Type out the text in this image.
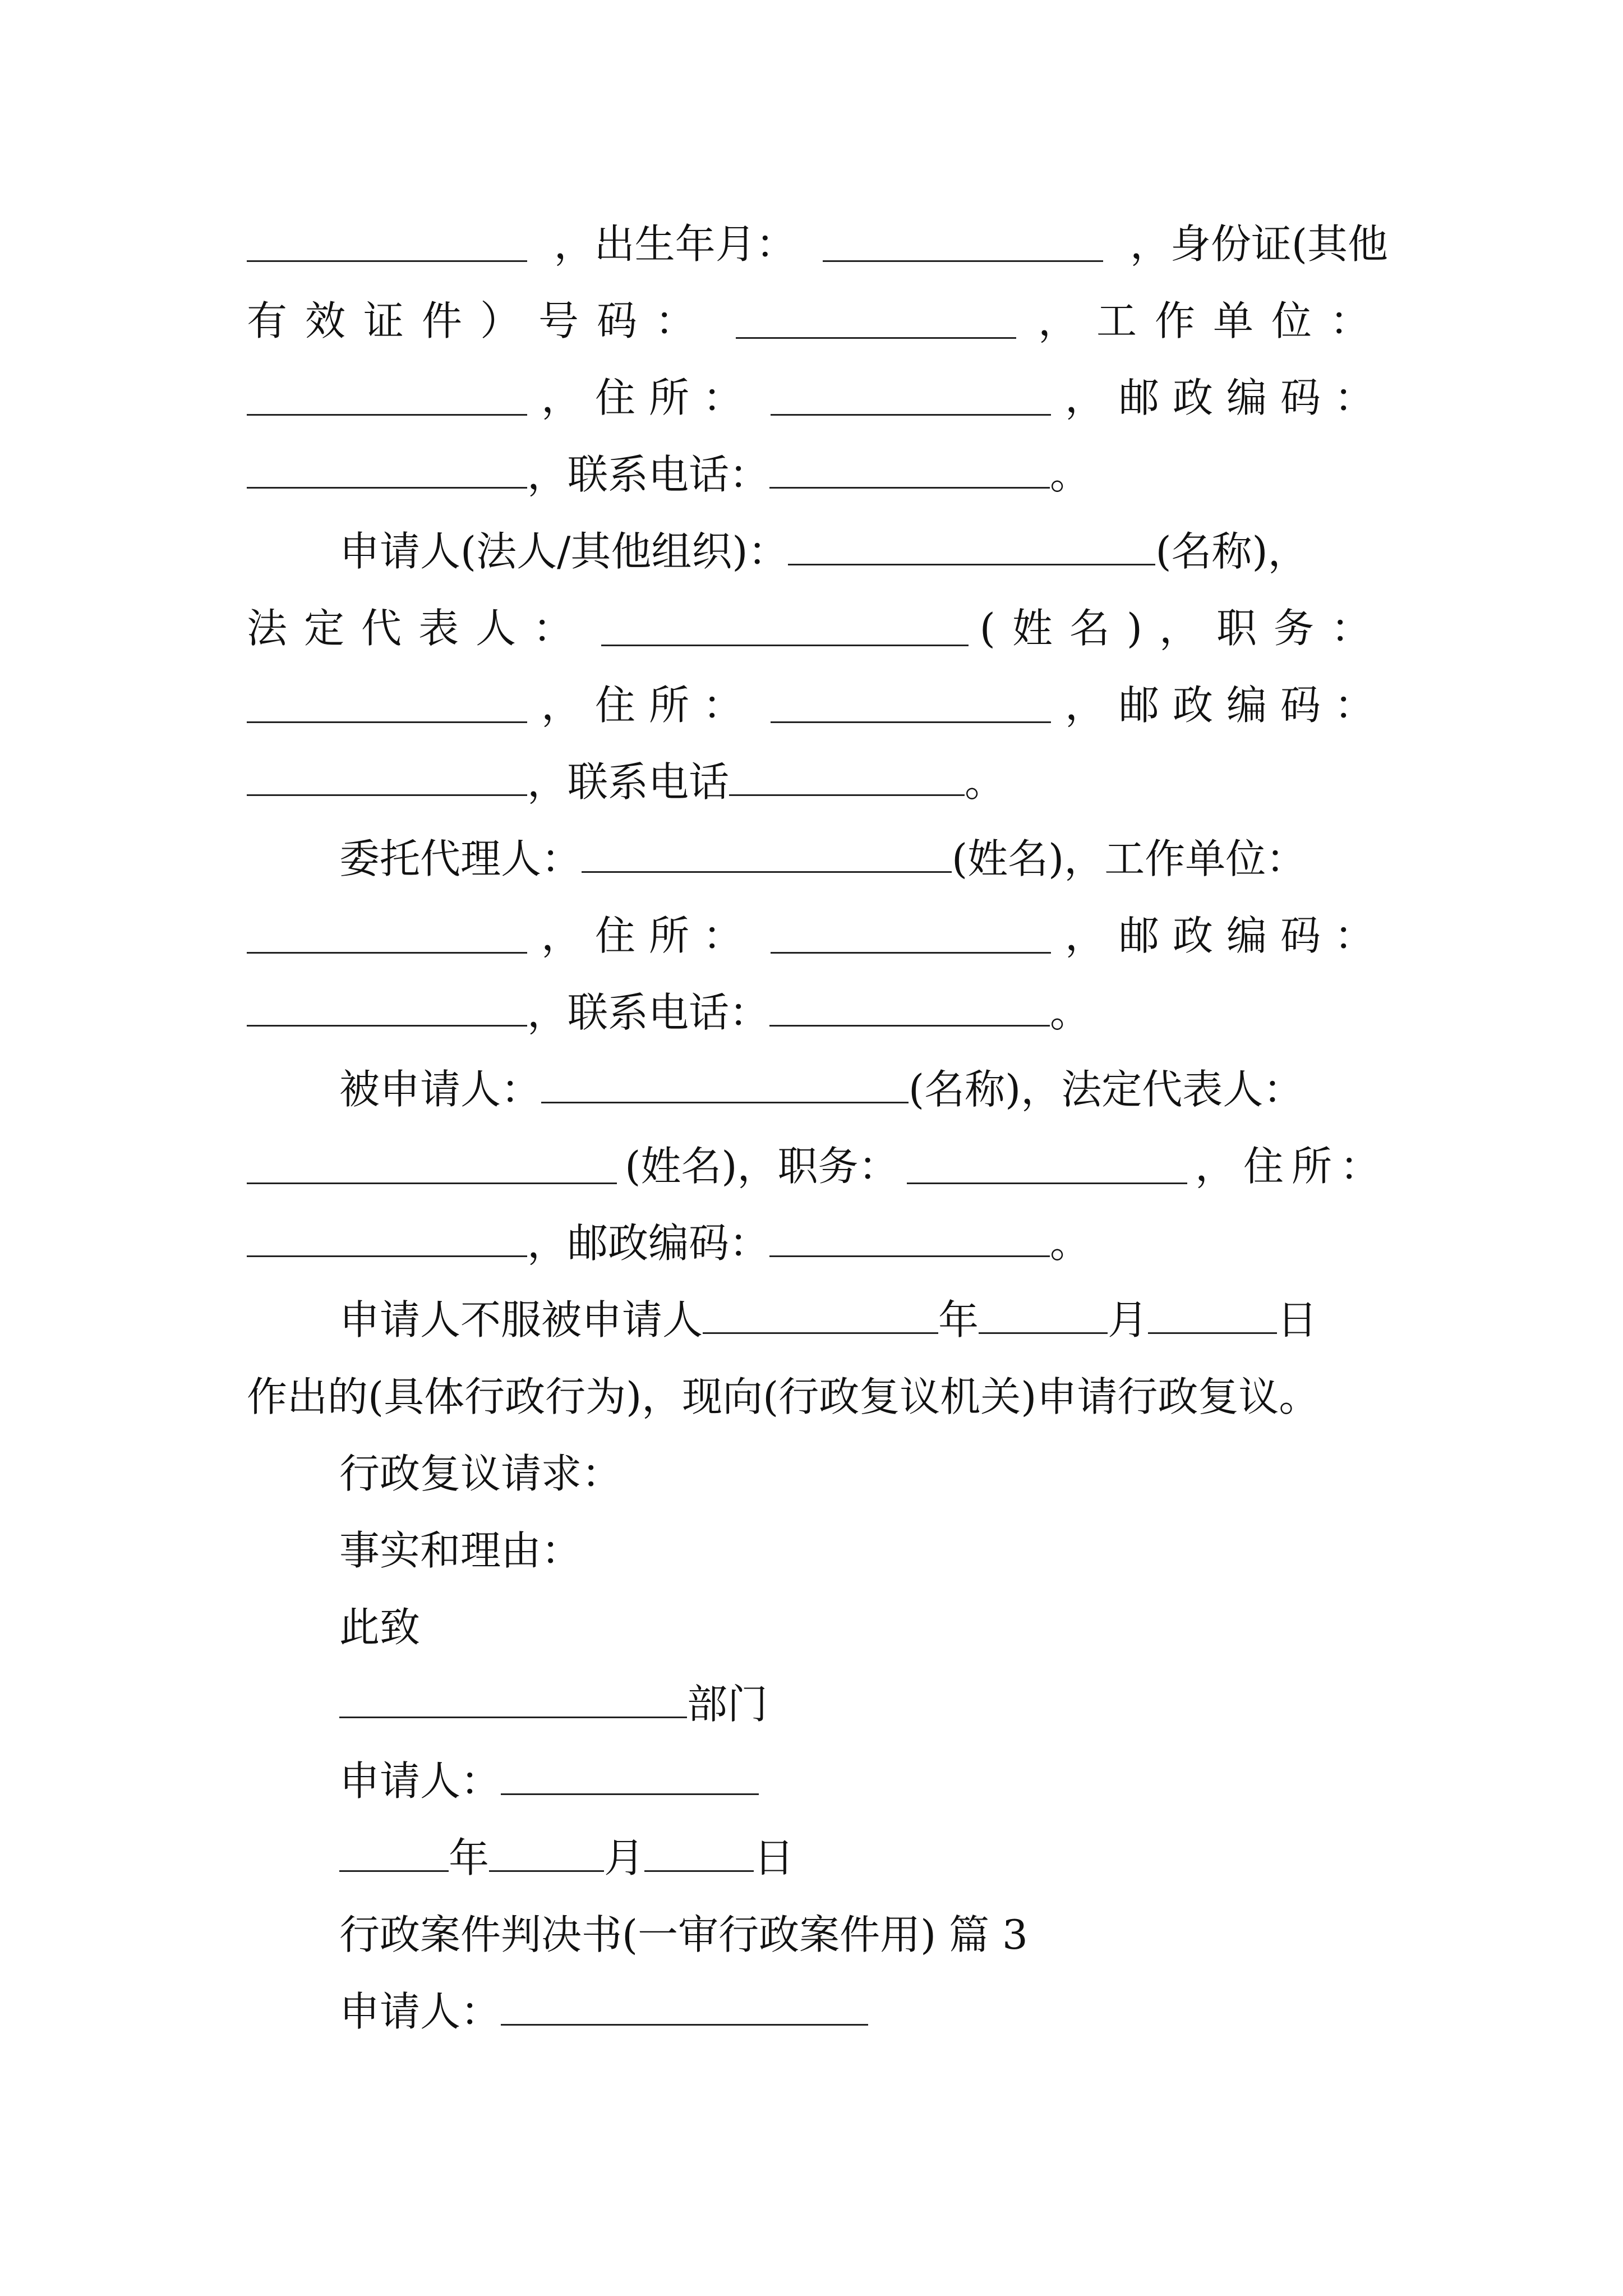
，出生年月：	，身份证(其他
有效证件）号码：	，工作单位：
，住所：	，邮政编码：
，联系电话：	。
申请人(法人/其他组织)：	(名称)，
法定代表人：	(姓名)，职务：
，住所：	，邮政编码：
，联系电话	。
委托代理人：	(姓名)，工作单位：
，住所：	，邮政编码：
，联系电话：	。
被申请人：	(名称)，法定代表人：
(姓名)，职务：	，住所：
，邮政编码：	。
申请人不服被申请人	年	月	日
作出的(具体行政行为)，现向(行政复议机关)申请行政复议。
行政复议请求：
事实和理由：
此致
部门
申请人：
年	月	日
行政案件判决书(一审行政案件用) 篇 3
申请人：
